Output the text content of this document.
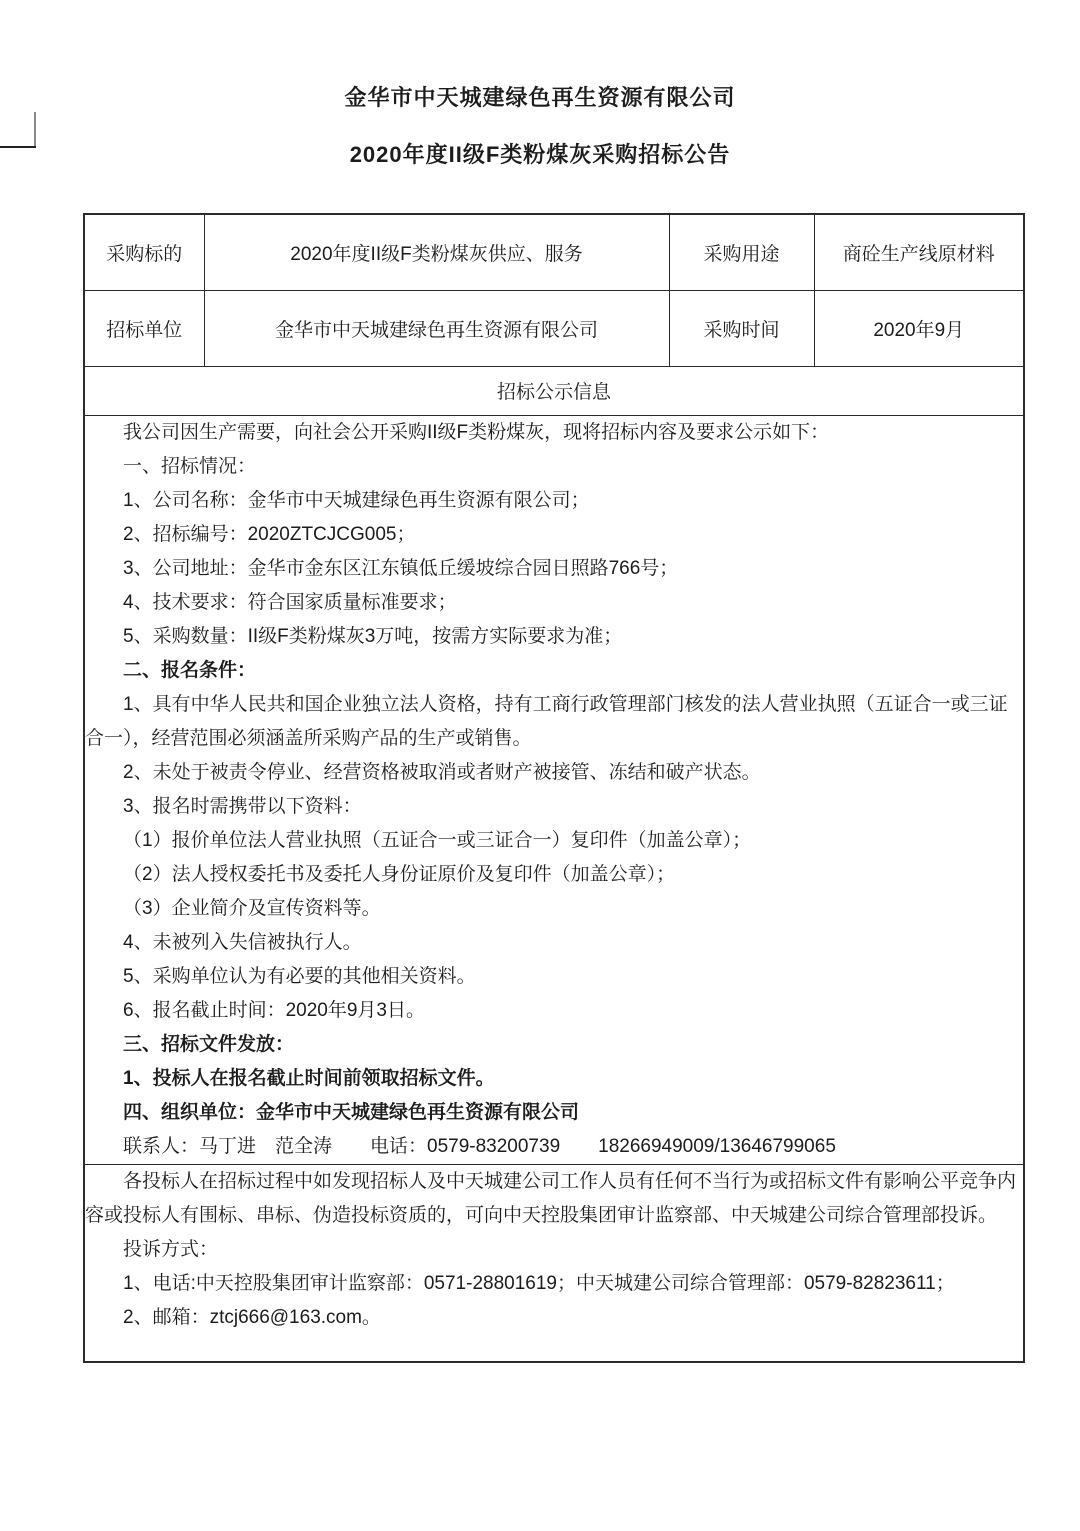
金华市中天城建绿色再生资源有限公司
2020年度II级F类粉煤灰采购招标公告
采购标的	2020年度II级F类粉煤灰供应、服务	采购用途	商砼生产线原材料
招标单位	金华市中天城建绿色再生资源有限公司	采购时间	2020年9月
招标公示信息			

我公司因生产需要，向社会公开采购II级F类粉煤灰，现将招标内容及要求公示如下：

一、招标情况：

1、公司名称：金华市中天城建绿色再生资源有限公司；

2、招标编号：2020ZTCJCG005；

3、公司地址：金华市金东区江东镇低丘缓坡综合园日照路766号；

4、技术要求：符合国家质量标准要求；

5、采购数量：II级F类粉煤灰3万吨，按需方实际要求为准；

二、报名条件：

1、具有中华人民共和国企业独立法人资格，持有工商行政管理部门核发的法人营业执照（五证合一或三证合一），经营范围必须涵盖所采购产品的生产或销售。

2、未处于被责令停业、经营资格被取消或者财产被接管、冻结和破产状态。

3、报名时需携带以下资料：

（1）报价单位法人营业执照（五证合一或三证合一）复印件（加盖公章）；

（2）法人授权委托书及委托人身份证原价及复印件（加盖公章）；

（3）企业简介及宣传资料等。

4、未被列入失信被执行人。

5、采购单位认为有必要的其他相关资料。

6、报名截止时间：2020年9月3日。

三、招标文件发放：

1、投标人在报名截止时间前领取招标文件。

四、组织单位：金华市中天城建绿色再生资源有限公司

联系人：马丁进　范全涛　　电话：0579-83200739　　18266949009/13646799065

各投标人在招标过程中如发现招标人及中天城建公司工作人员有任何不当行为或招标文件有影响公平竞争内容或投标人有围标、串标、伪造投标资质的，可向中天控股集团审计监察部、中天城建公司综合管理部投诉。

投诉方式：

1、电话:中天控股集团审计监察部：0571-28801619；中天城建公司综合管理部：0579-82823611；

2、邮箱：ztcj666@163.com。			
